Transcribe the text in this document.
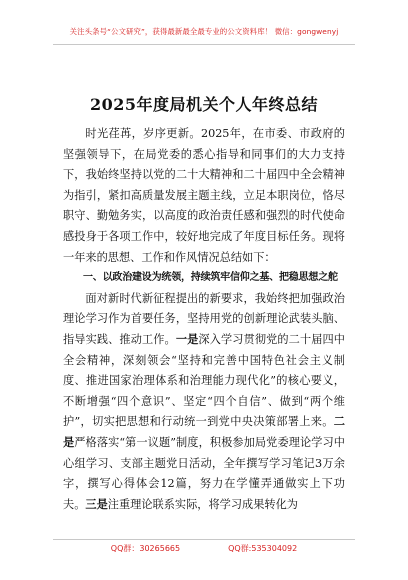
关注头条号“公文研究”，获得最新最全最专业的公文资料库！ 微信：gongwenyj
2025年度局机关个人年终总结

时光荏苒，岁序更新。2025年，在市委、市政府的坚强领导下，在局党委的悉心指导和同事们的大力支持下，我始终坚持以党的二十大精神和二十届四中全会精神为指引，紧扣高质量发展主题主线，立足本职岗位，恪尽职守、勤勉务实，以高度的政治责任感和强烈的时代使命感投身于各项工作中，较好地完成了年度目标任务。现将一年来的思想、工作和作风情况总结如下：

一、以政治建设为统领，持续筑牢信仰之基、把稳思想之舵

面对新时代新征程提出的新要求，我始终把加强政治理论学习作为首要任务，坚持用党的创新理论武装头脑、指导实践、推动工作。一是深入学习贯彻党的二十届四中全会精神，深刻领会“坚持和完善中国特色社会主义制度、推进国家治理体系和治理能力现代化”的核心要义，不断增强“四个意识”、坚定“四个自信”、做到“两个维护”，切实把思想和行动统一到党中央决策部署上来。二是严格落实“第一议题”制度，积极参加局党委理论学习中心组学习、支部主题党日活动，全年撰写学习笔记3万余字，撰写心得体会12篇，努力在学懂弄通做实上下功夫。三是注重理论联系实际，将学习成果转化为

QQ群：30265665	QQ群:535304092
